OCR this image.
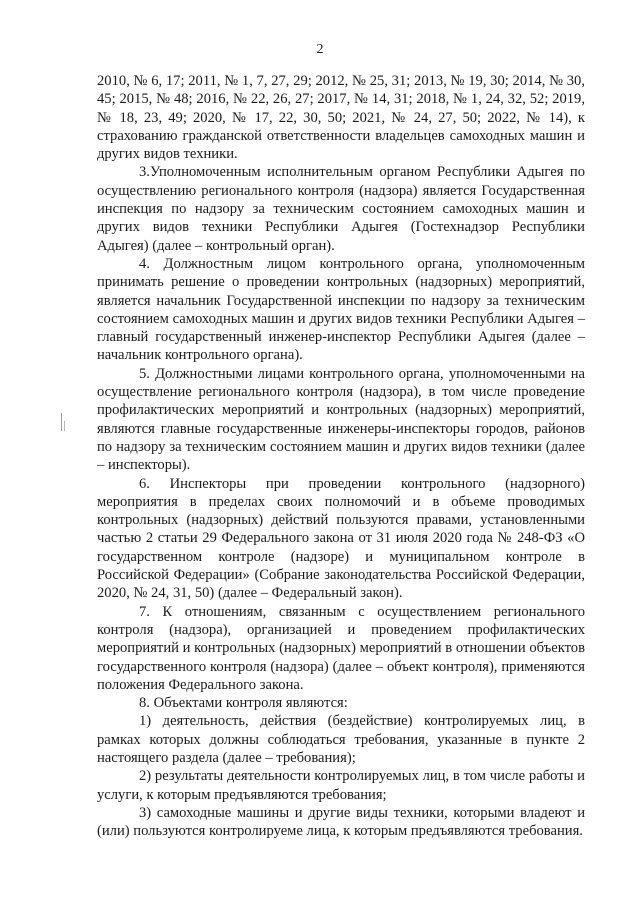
2

2010, № 6, 17; 2011, № 1, 7, 27, 29; 2012, № 25, 31; 2013, № 19, 30; 2014, № 30, 45; 2015, № 48; 2016, № 22, 26, 27; 2017, № 14, 31; 2018, № 1, 24, 32, 52; 2019, № 18, 23, 49; 2020, № 17, 22, 30, 50; 2021, № 24, 27, 50; 2022, № 14), к страхованию гражданской ответственности владельцев самоходных машин и других видов техники.

3.Уполномоченным исполнительным органом Республики Адыгея по осуществлению регионального контроля (надзора) является Государственная инспекция по надзору за техническим состоянием самоходных машин и других видов техники Республики Адыгея (Гостехнадзор Республики Адыгея) (далее – контрольный орган).

4. Должностным лицом контрольного органа, уполномоченным принимать решение о проведении контрольных (надзорных) мероприятий, является начальник Государственной инспекции по надзору за техническим состоянием самоходных машин и других видов техники Республики Адыгея – главный государственный инженер-инспектор Республики Адыгея (далее – начальник контрольного органа).

5. Должностными лицами контрольного органа, уполномоченными на осуществление регионального контроля (надзора), в том числе проведение профилактических мероприятий и контрольных (надзорных) мероприятий, являются главные государственные инженеры-инспекторы городов, районов по надзору за техническим состоянием машин и других видов техники (далее – инспекторы).

6. Инспекторы при проведении контрольного (надзорного) мероприятия в пределах своих полномочий и в объеме проводимых контрольных (надзорных) действий пользуются правами, установленными частью 2 статьи 29 Федерального закона от 31 июля 2020 года № 248-ФЗ «О государственном контроле (надзоре) и муниципальном контроле в Российской Федерации» (Собрание законодательства Российской Федерации, 2020, № 24, 31, 50) (далее – Федеральный закон).

7. К отношениям, связанным с осуществлением регионального контроля (надзора), организацией и проведением профилактических мероприятий и контрольных (надзорных) мероприятий в отношении объектов государственного контроля (надзора) (далее – объект контроля), применяются положения Федерального закона.

8. Объектами контроля являются:

1) деятельность, действия (бездействие) контролируемых лиц, в рамках которых должны соблюдаться требования, указанные в пункте 2 настоящего раздела (далее – требования);

2) результаты деятельности контролируемых лиц, в том числе работы и услуги, к которым предъявляются требования;

3) самоходные машины и другие виды техники, которыми владеют и (или) пользуются контролируеме лица, к которым предъявляются требования.
